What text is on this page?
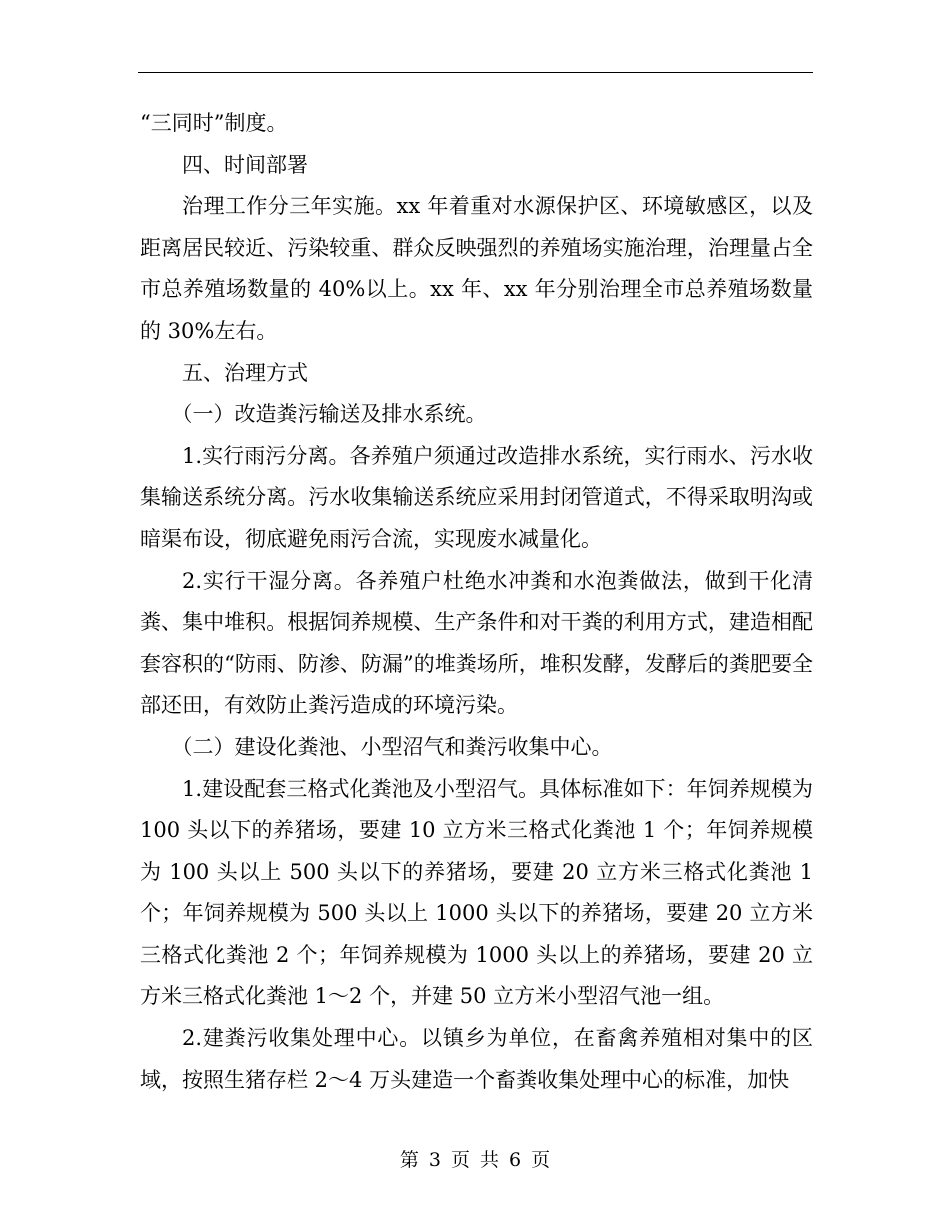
“三同时”制度。

四、时间部署

治理工作分三年实施。xx 年着重对水源保护区、环境敏感区，以及距离居民较近、污染较重、群众反映强烈的养殖场实施治理，治理量占全市总养殖场数量的 40%以上。xx 年、xx 年分别治理全市总养殖场数量的 30%左右。

五、治理方式

（一）改造粪污输送及排水系统。

1.实行雨污分离。各养殖户须通过改造排水系统，实行雨水、污水收集输送系统分离。污水收集输送系统应采用封闭管道式，不得采取明沟或暗渠布设，彻底避免雨污合流，实现废水减量化。

2.实行干湿分离。各养殖户杜绝水冲粪和水泡粪做法，做到干化清粪、集中堆积。根据饲养规模、生产条件和对干粪的利用方式，建造相配套容积的“防雨、防渗、防漏”的堆粪场所，堆积发酵，发酵后的粪肥要全部还田，有效防止粪污造成的环境污染。

（二）建设化粪池、小型沼气和粪污收集中心。

1.建设配套三格式化粪池及小型沼气。具体标准如下：年饲养规模为 100 头以下的养猪场，要建 10 立方米三格式化粪池 1 个；年饲养规模为 100 头以上 500 头以下的养猪场，要建 20 立方米三格式化粪池 1 个；年饲养规模为 500 头以上 1000 头以下的养猪场，要建 20 立方米三格式化粪池 2 个；年饲养规模为 1000 头以上的养猪场，要建 20 立方米三格式化粪池 1～2 个，并建 50 立方米小型沼气池一组。

2.建粪污收集处理中心。以镇乡为单位，在畜禽养殖相对集中的区域，按照生猪存栏 2～4 万头建造一个畜粪收集处理中心的标准，加快

第 3 页 共 6 页
